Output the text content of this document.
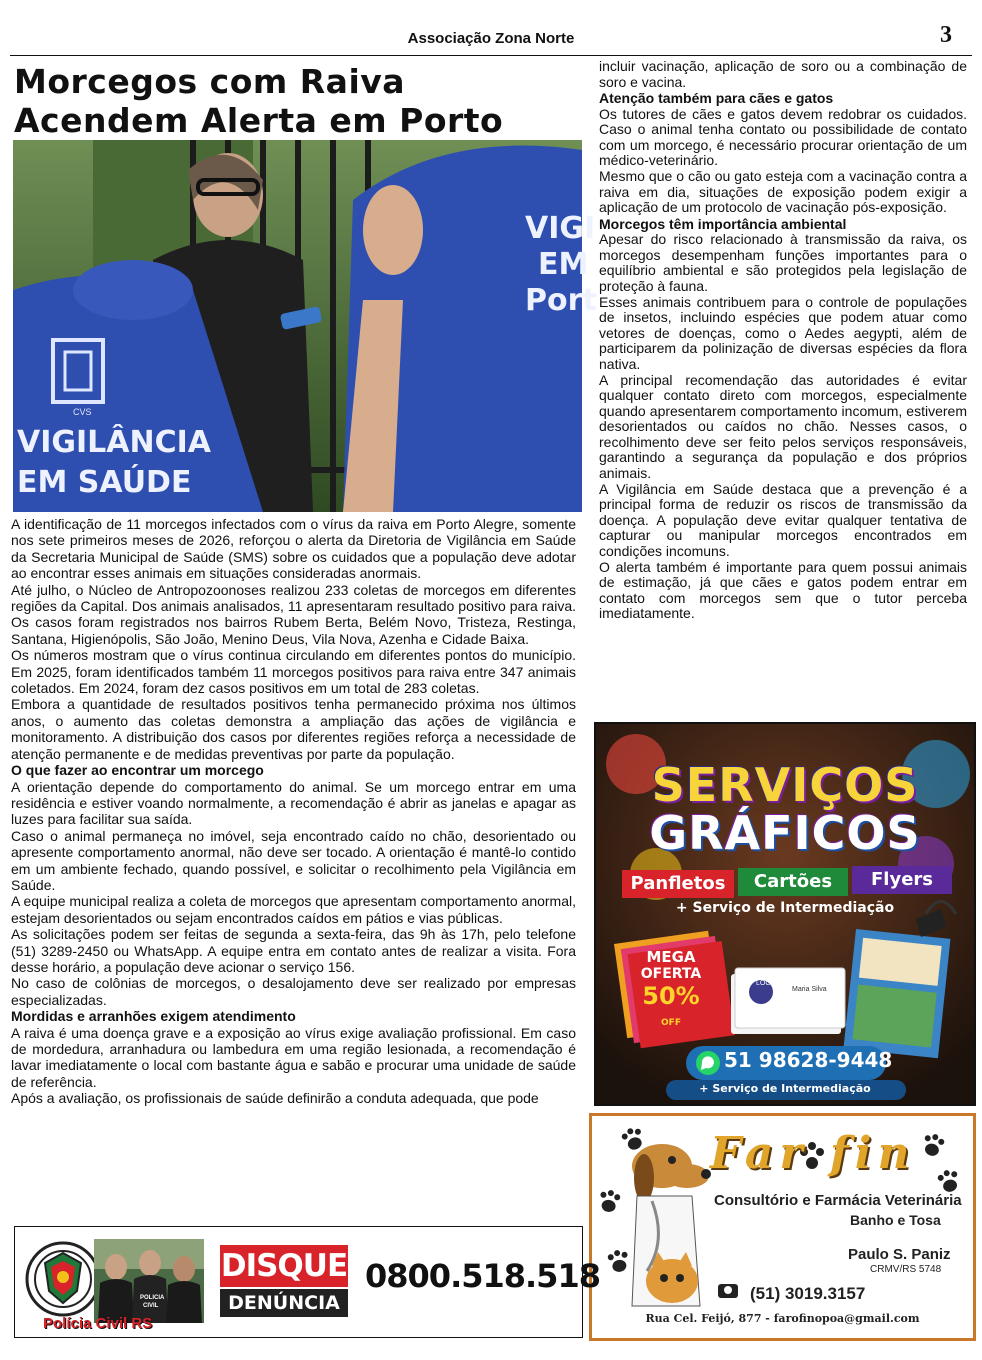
Associação Zona Norte	3
Morcegos com Raiva Acendem Alerta em Porto
CVS
VIGILÂNCIA
EM SAÚDE
VIGI
EM
Port

A identificação de 11 morcegos infectados com o vírus da raiva em Porto Alegre, somente nos sete primeiros meses de 2026, reforçou o alerta da Diretoria de Vigilância em Saúde da Secretaria Municipal de Saúde (SMS) sobre os cuidados que a população deve adotar ao encontrar esses animais em situações consideradas anormais.

Até julho, o Núcleo de Antropozoonoses realizou 233 coletas de morcegos em diferentes regiões da Capital. Dos animais analisados, 11 apresentaram resultado positivo para raiva. Os casos foram registrados nos bairros Rubem Berta, Belém Novo, Tristeza, Restinga, Santana, Higienópolis, São João, Menino Deus, Vila Nova, Azenha e Cidade Baixa.

Os números mostram que o vírus continua circulando em diferentes pontos do município. Em 2025, foram identificados também 11 morcegos positivos para raiva entre 347 animais coletados. Em 2024, foram dez casos positivos em um total de 283 coletas.

Embora a quantidade de resultados positivos tenha permanecido próxima nos últimos anos, o aumento das coletas demonstra a ampliação das ações de vigilância e monitoramento. A distribuição dos casos por diferentes regiões reforça a necessidade de atenção permanente e de medidas preventivas por parte da população.

O que fazer ao encontrar um morcego

A orientação depende do comportamento do animal. Se um morcego entrar em uma residência e estiver voando normalmente, a recomendação é abrir as janelas e apagar as luzes para facilitar sua saída.

Caso o animal permaneça no imóvel, seja encontrado caído no chão, desorientado ou apresente comportamento anormal, não deve ser tocado. A orientação é mantê-lo contido em um ambiente fechado, quando possível, e solicitar o recolhimento pela Vigilância em Saúde.

A equipe municipal realiza a coleta de morcegos que apresentam comportamento anormal, estejam desorientados ou sejam encontrados caídos em pátios e vias públicas.

As solicitações podem ser feitas de segunda a sexta-feira, das 9h às 17h, pelo telefone (51) 3289-2450 ou WhatsApp. A equipe entra em contato antes de realizar a visita. Fora desse horário, a população deve acionar o serviço 156.

No caso de colônias de morcegos, o desalojamento deve ser realizado por empresas especializadas.

Mordidas e arranhões exigem atendimento

A raiva é uma doença grave e a exposição ao vírus exige avaliação profissional. Em caso de mordedura, arranhadura ou lambedura em uma região lesionada, a recomendação é lavar imediatamente o local com bastante água e sabão e procurar uma unidade de saúde de referência.

Após a avaliação, os profissionais de saúde definirão a conduta adequada, que pode

incluir vacinação, aplicação de soro ou a combinação de soro e vacina.

Atenção também para cães e gatos

Os tutores de cães e gatos devem redobrar os cuidados. Caso o animal tenha contato ou possibilidade de contato com um morcego, é necessário procurar orientação de um médico-veterinário.

Mesmo que o cão ou gato esteja com a vacinação contra a raiva em dia, situações de exposição podem exigir a aplicação de um protocolo de vacinação pós-exposição.

Morcegos têm importância ambiental

Apesar do risco relacionado à transmissão da raiva, os morcegos desempenham funções importantes para o equilíbrio ambiental e são protegidos pela legislação de proteção à fauna.

Esses animais contribuem para o controle de populações de insetos, incluindo espécies que podem atuar como vetores de doenças, como o Aedes aegypti, além de participarem da polinização de diversas espécies da flora nativa.

A principal recomendação das autoridades é evitar qualquer contato direto com morcegos, especialmente quando apresentarem comportamento incomum, estiverem desorientados ou caídos no chão. Nesses casos, o recolhimento deve ser feito pelos serviços responsáveis, garantindo a segurança da população e dos próprios animais.

A Vigilância em Saúde destaca que a prevenção é a principal forma de reduzir os riscos de transmissão da doença. A população deve evitar qualquer tentativa de capturar ou manipular morcegos encontrados em condições incomuns.

O alerta também é importante para quem possui animais de estimação, já que cães e gatos podem entrar em contato com morcegos sem que o tutor perceba imediatamente.

SERVIÇOS
GRÁFICOS
Panfletos	Cartões	Flyers
+ Serviço de Intermediação
MEGA
OFERTA
50% OFF
LOGO
Maria Silva
51 98628-9448
+ Serviço de Intermediação
Far fin
Consultório e Farmácia Veterinária
Banho e Tosa
Paulo S. Paniz
CRMV/RS 5748
(51) 3019.3157
Rua Cel. Feijó, 877 - farofinopoa@gmail.com
POLICIA
CIVIL
Polícia Civil RS
DISQUE
DENÚNCIA
0800.518.518
